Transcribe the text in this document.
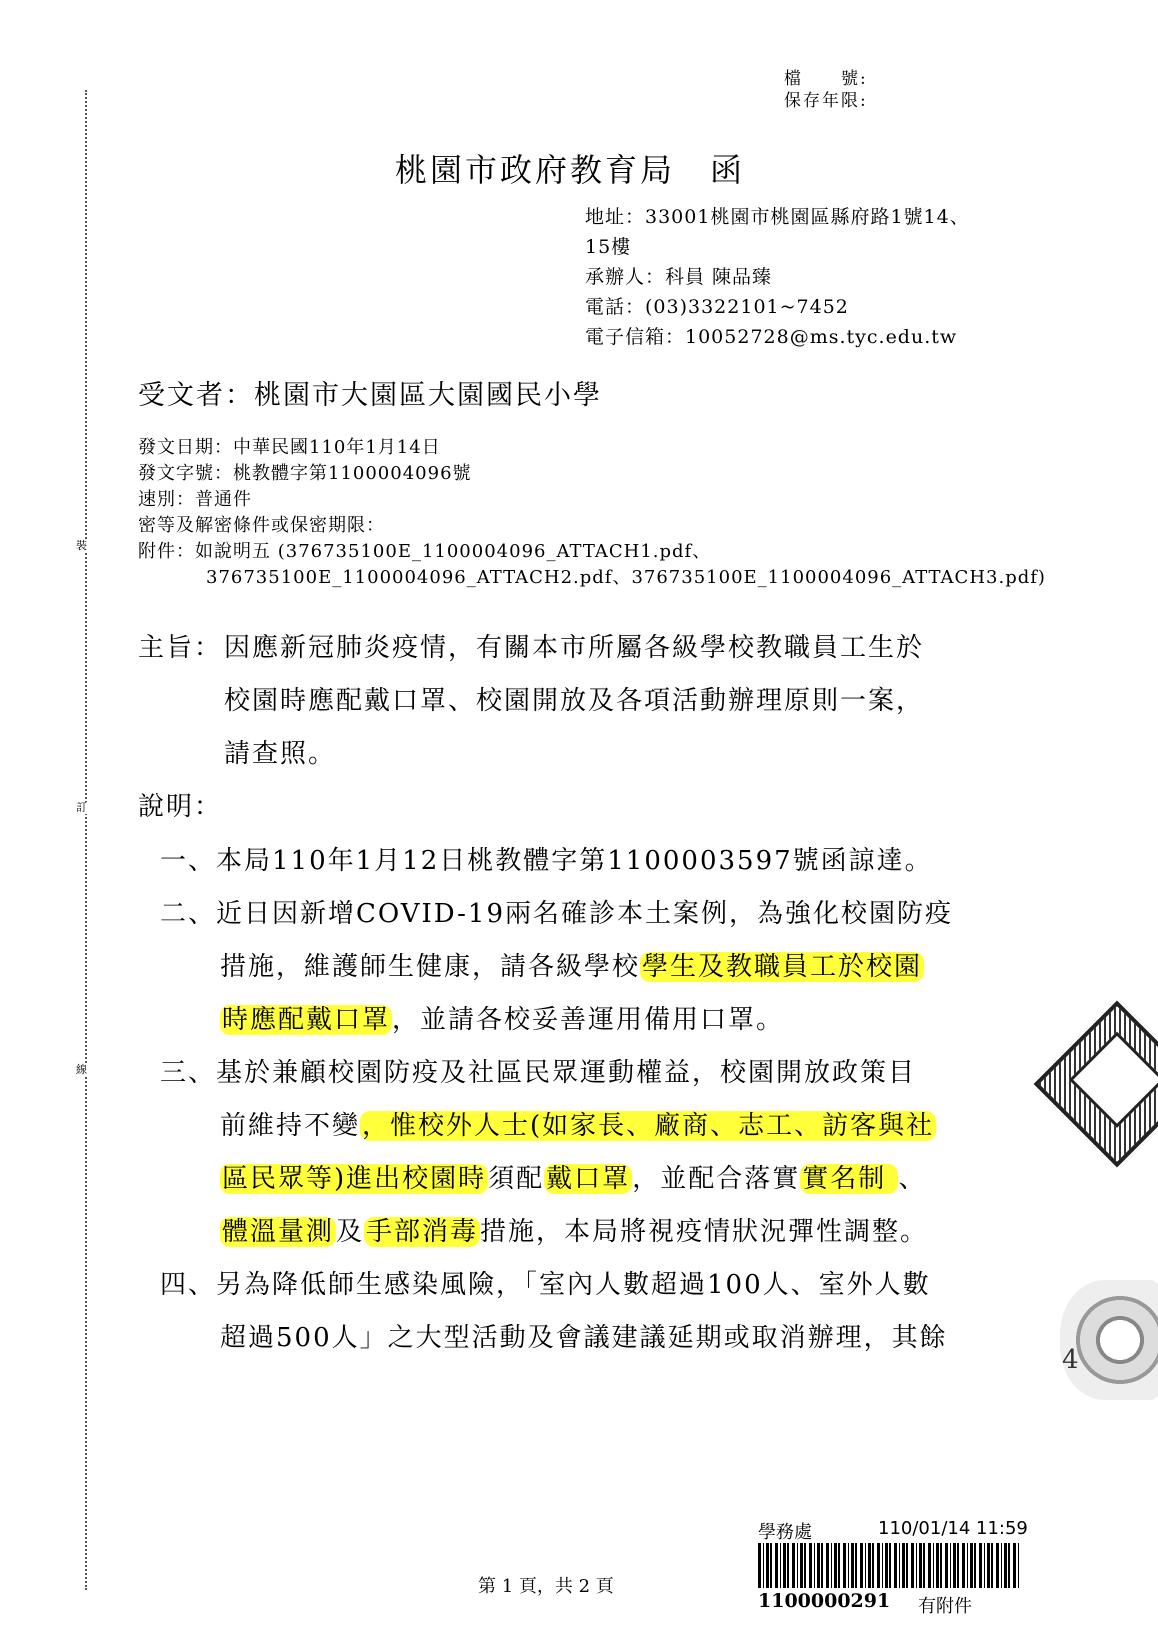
裝
訂
線
檔　　號:
保存年限:
桃園市政府教育局　函
地址：33001桃園市桃園區縣府路1號14、
15樓
承辦人：科員 陳品臻
電話：(03)3322101~7452
電子信箱：10052728@ms.tyc.edu.tw
受文者：桃園市大園區大園國民小學
發文日期：中華民國110年1月14日
發文字號：桃教體字第1100004096號
速別：普通件
密等及解密條件或保密期限：
附件：如說明五 (376735100E_1100004096_ATTACH1.pdf、
376735100E_1100004096_ATTACH2.pdf、376735100E_1100004096_ATTACH3.pdf)
主旨： 因應新冠肺炎疫情，有關本市所屬各級學校教職員工生於
校園時應配戴口罩、校園開放及各項活動辦理原則一案，
請查照。
說明：
一、本局110年1月12日桃教體字第1100003597號函諒達。
二、近日因新增COVID-19兩名確診本土案例，為強化校園防疫
措施，維護師生健康，請各級學校學生及教職員工於校園
時應配戴口罩，並請各校妥善運用備用口罩。
三、基於兼顧校園防疫及社區民眾運動權益，校園開放政策目
前維持不變，惟校外人士(如家長、廠商、志工、訪客與社
區民眾等)進出校園時須配戴口罩，並配合落實實名制 、
體溫量測及手部消毒措施，本局將視疫情狀況彈性調整。
四、另為降低師生感染風險，「室內人數超過100人、室外人數
超過500人」之大型活動及會議建議延期或取消辦理，其餘
4
學務處	110/01/14 11:59
1100000291 有附件
第 1 頁，共 2 頁
